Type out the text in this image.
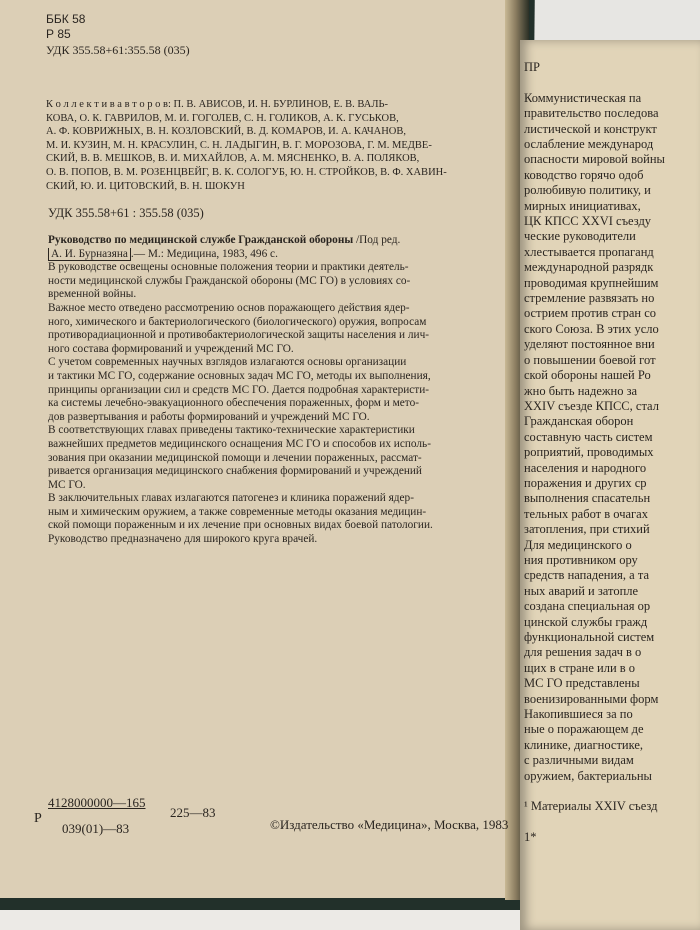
ББК 58
Р 85
УДК 355.58+61:355.58 (035)
К о л л е к т и в а в т о р о в: П. В. АВИСОВ, И. Н. БУРЛИНОВ, Е. В. ВАЛЬ-
КОВА, О. К. ГАВРИЛОВ, М. И. ГОГОЛЕВ, С. Н. ГОЛИКОВ, А. К. ГУСЬКОВ,
А. Ф. КОВРИЖНЫХ, В. Н. КОЗЛОВСКИЙ, В. Д. КОМАРОВ, И. А. КАЧАНОВ,
М. И. КУЗИН, М. Н. КРАСУЛИН, С. Н. ЛАДЫГИН, В. Г. МОРОЗОВА, Г. М. МЕДВЕ-
СКИЙ, В. В. МЕШКОВ, В. И. МИХАЙЛОВ, А. М. МЯСНЕНКО, В. А. ПОЛЯКОВ,
О. В. ПОПОВ, В. М. РОЗЕНЦВЕЙГ, В. К. СОЛОГУБ, Ю. Н. СТРОЙКОВ, В. Ф. ХАВИН-
СКИЙ, Ю. И. ЦИТОВСКИЙ, В. Н. ШОКУН
УДК 355.58+61 : 355.58 (035)
Руководство по медицинской службе Гражданской обороны /Под ред.
А. И. Бурназяна .— М.: Медицина, 1983, 496 с.
В руководстве освещены основные положения теории и практики деятель-
ности медицинской службы Гражданской обороны (МС ГО) в условиях со-
временной войны.
Важное место отведено рассмотрению основ поражающего действия ядер-
ного, химического и бактериологического (биологического) оружия, вопросам
противорадиационной и противобактериологической защиты населения и лич-
ного состава формирований и учреждений МС ГО.
С учетом современных научных взглядов излагаются основы организации
и тактики МС ГО, содержание основных задач МС ГО, методы их выполнения,
принципы организации сил и средств МС ГО. Дается подробная характеристи-
ка системы лечебно-эвакуационного обеспечения пораженных, форм и мето-
дов развертывания и работы формирований и учреждений МС ГО.
В соответствующих главах приведены тактико-технические характеристики
важнейших предметов медицинского оснащения МС ГО и способов их исполь-
зования при оказании медицинской помощи и лечении пораженных, рассмат-
ривается организация медицинского снабжения формирований и учреждений
МС ГО.
В заключительных главах излагаются патогенез и клиника поражений ядер-
ным и химическим оружием, а также современные методы оказания медицин-
ской помощи пораженным и их лечение при основных видах боевой патологии.
Руководство предназначено для широкого круга врачей.
Р
4128000000—165
039(01)—83
225—83
©Издательство «Медицина», Москва, 1983
ПР
Коммунистическая па
правительство последова
листической и конструкт
ослабление международ
опасности мировой войны
ководство горячо одоб
ролюбивую политику, и
мирных инициативах,
ЦК КПСС XXVI съезду
ческие руководители
хлестывается пропаганд
международной разрядк
проводимая крупнейшим
стремление развязать но
острием против стран со
ского Союза. В этих усло
уделяют постоянное вни
о повышении боевой гот
ской обороны нашей Ро
жно быть надежно за
XXIV съезде КПСС, стал
Гражданская оборон
составную часть систем
роприятий, проводимых
населения и народного
поражения и других ср
выполнения спасательн
тельных работ в очагах
затопления, при стихий
Для медицинского о
ния противником ору
средств нападения, а та
ных аварий и затопле
создана специальная ор
цинской службы гражд
функциональной систем
для решения задач в о
щих в стране или в о
МС ГО представлены
военизированными форм
Накопившиеся за по
ные о поражающем де
клинике, диагностике,
с различными видам
оружием, бактериальны
¹ Материалы XXIV съезд
1*
